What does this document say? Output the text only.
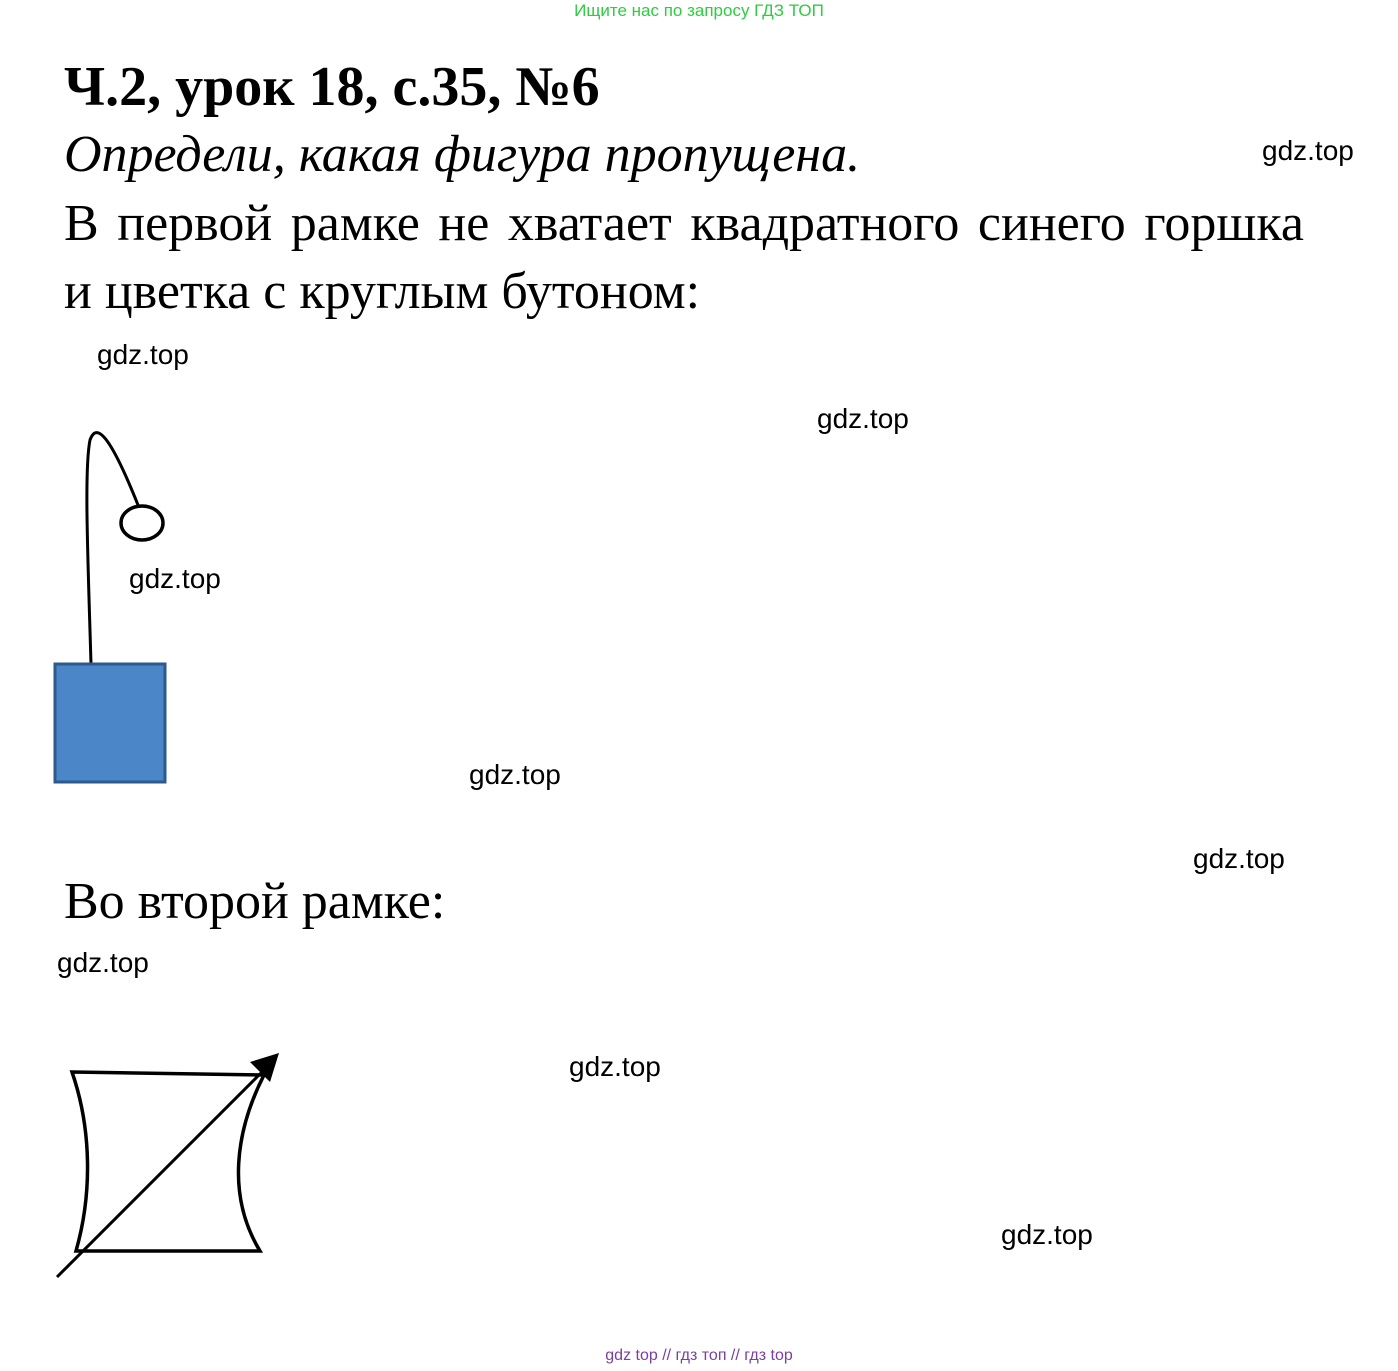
Ищите нас по запросу ГДЗ ТОП
Ч.2, урок 18, с.35, №6
Определи, какая фигура пропущена.
В первой рамке не хватает квадратного синего горшка и цветка с круглым бутоном:
Во второй рамке:
gdz.top
gdz.top
gdz.top
gdz.top
gdz.top
gdz.top
gdz.top
gdz.top
gdz.top
gdz top // гдз топ // гдз top
